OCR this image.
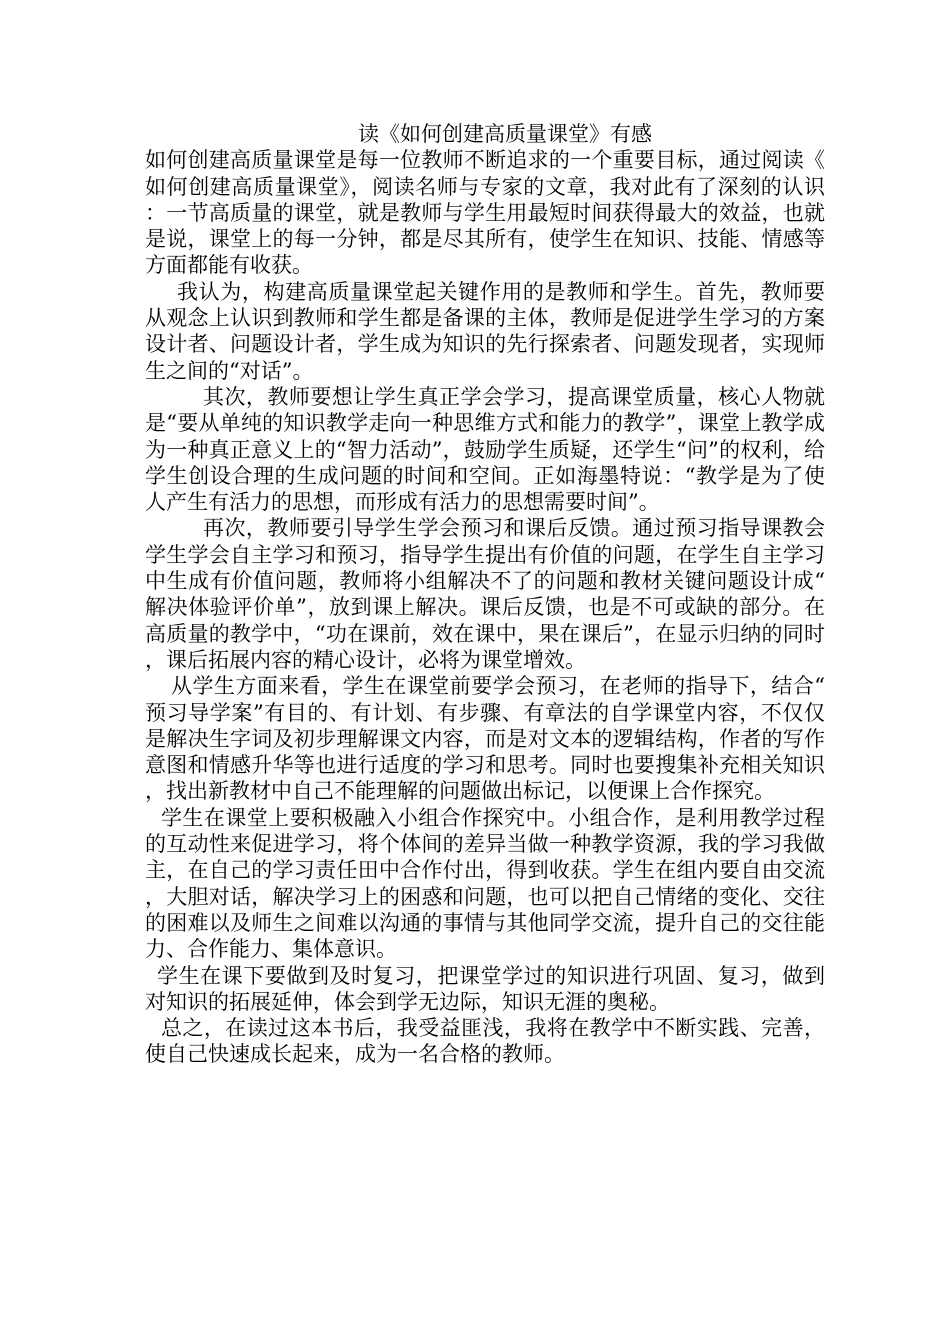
读《如何创建高质量课堂》有感

如何创建高质量课堂是每一位教师不断追求的一个重要目标，通过阅读《如何创建高质量课堂》，阅读名师与专家的文章，我对此有了深刻的认识：一节高质量的课堂，就是教师与学生用最短时间获得最大的效益，也就是说，课堂上的每一分钟，都是尽其所有，使学生在知识、技能、情感等方面都能有收获。

我认为，构建高质量课堂起关键作用的是教师和学生。首先，教师要从观念上认识到教师和学生都是备课的主体，教师是促进学生学习的方案设计者、问题设计者，学生成为知识的先行探索者、问题发现者，实现师生之间的“对话”。

其次，教师要想让学生真正学会学习，提高课堂质量，核心人物就是“要从单纯的知识教学走向一种思维方式和能力的教学”，课堂上教学成为一种真正意义上的“智力活动”，鼓励学生质疑，还学生“问”的权利，给学生创设合理的生成问题的时间和空间。正如海墨特说：“教学是为了使人产生有活力的思想，而形成有活力的思想需要时间”。

再次，教师要引导学生学会预习和课后反馈。通过预习指导课教会学生学会自主学习和预习，指导学生提出有价值的问题，在学生自主学习中生成有价值问题，教师将小组解决不了的问题和教材关键问题设计成“解决体验评价单”，放到课上解决。课后反馈，也是不可或缺的部分。在高质量的教学中，“功在课前，效在课中，果在课后”，在显示归纳的同时，课后拓展内容的精心设计，必将为课堂增效。

从学生方面来看，学生在课堂前要学会预习，在老师的指导下，结合“预习导学案”有目的、有计划、有步骤、有章法的自学课堂内容，不仅仅是解决生字词及初步理解课文内容，而是对文本的逻辑结构，作者的写作意图和情感升华等也进行适度的学习和思考。同时也要搜集补充相关知识，找出新教材中自己不能理解的问题做出标记，以便课上合作探究。

学生在课堂上要积极融入小组合作探究中。小组合作，是利用教学过程的互动性来促进学习，将个体间的差异当做一种教学资源，我的学习我做主，在自己的学习责任田中合作付出，得到收获。学生在组内要自由交流，大胆对话，解决学习上的困惑和问题，也可以把自己情绪的变化、交往的困难以及师生之间难以沟通的事情与其他同学交流，提升自己的交往能力、合作能力、集体意识。

学生在课下要做到及时复习，把课堂学过的知识进行巩固、复习，做到对知识的拓展延伸，体会到学无边际，知识无涯的奥秘。

总之，在读过这本书后，我受益匪浅，我将在教学中不断实践、完善，使自己快速成长起来，成为一名合格的教师。
